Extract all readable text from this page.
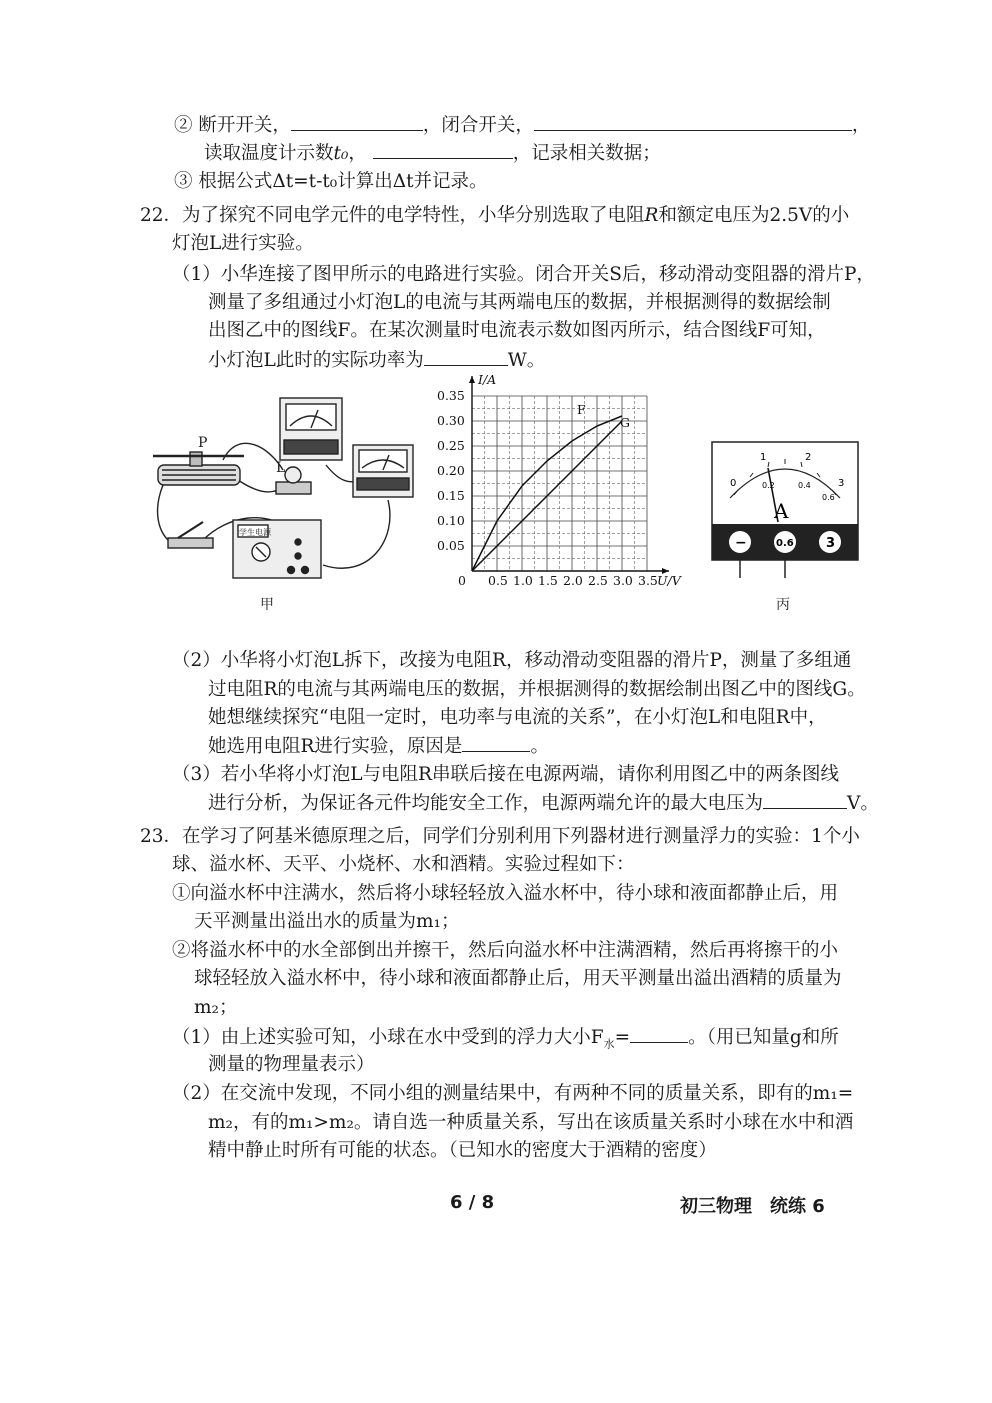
② 断开开关，	，闭合开关，	，
读取温度计示数t₀，	，记录相关数据；
③ 根据公式Δt=t-t₀计算出Δt并记录。
22．为了探究不同电学元件的电学特性，小华分别选取了电阻R和额定电压为2.5V的小
灯泡L进行实验。
（1）小华连接了图甲所示的电路进行实验。闭合开关S后，移动滑动变阻器的滑片P，
测量了多组通过小灯泡L的电流与其两端电压的数据，并根据测得的数据绘制
出图乙中的图线F。在某次测量时电流表示数如图丙所示，结合图线F可知，
小灯泡L此时的实际功率为	W。
P
L
学生电源
甲
0 0.5 1.0 1.5 2.0 2.5 3.0 3.5
0.35
0.30
0.25
0.20
0.15
0.10
0.05
U/V
I/A
F
G
0
1	2
3
0.2	0.4
0.6
A
−	0.6 3
丙
（2）小华将小灯泡L拆下，改接为电阻R，移动滑动变阻器的滑片P，测量了多组通
过电阻R的电流与其两端电压的数据，并根据测得的数据绘制出图乙中的图线G。
她想继续探究“电阻一定时，电功率与电流的关系”，在小灯泡L和电阻R中，
她选用电阻R进行实验，原因是	。
（3）若小华将小灯泡L与电阻R串联后接在电源两端，请你利用图乙中的两条图线
进行分析，为保证各元件均能安全工作，电源两端允许的最大电压为	V。
23．在学习了阿基米德原理之后，同学们分别利用下列器材进行测量浮力的实验：1个小
球、溢水杯、天平、小烧杯、水和酒精。实验过程如下：
①向溢水杯中注满水，然后将小球轻轻放入溢水杯中，待小球和液面都静止后，用
天平测量出溢出水的质量为m₁；
②将溢水杯中的水全部倒出并擦干，然后向溢水杯中注满酒精，然后再将擦干的小
球轻轻放入溢水杯中，待小球和液面都静止后，用天平测量出溢出酒精的质量为
m₂；
（1）由上述实验可知，小球在水中受到的浮力大小$F_水=$	。（用已知量g和所
测量的物理量表示）
（2）在交流中发现，不同小组的测量结果中，有两种不同的质量关系，即有的m₁=
m₂，有的m₁>m₂。请自选一种质量关系，写出在该质量关系时小球在水中和酒
精中静止时所有可能的状态。（已知水的密度大于酒精的密度）
6 / 8	初三物理　统练 6
